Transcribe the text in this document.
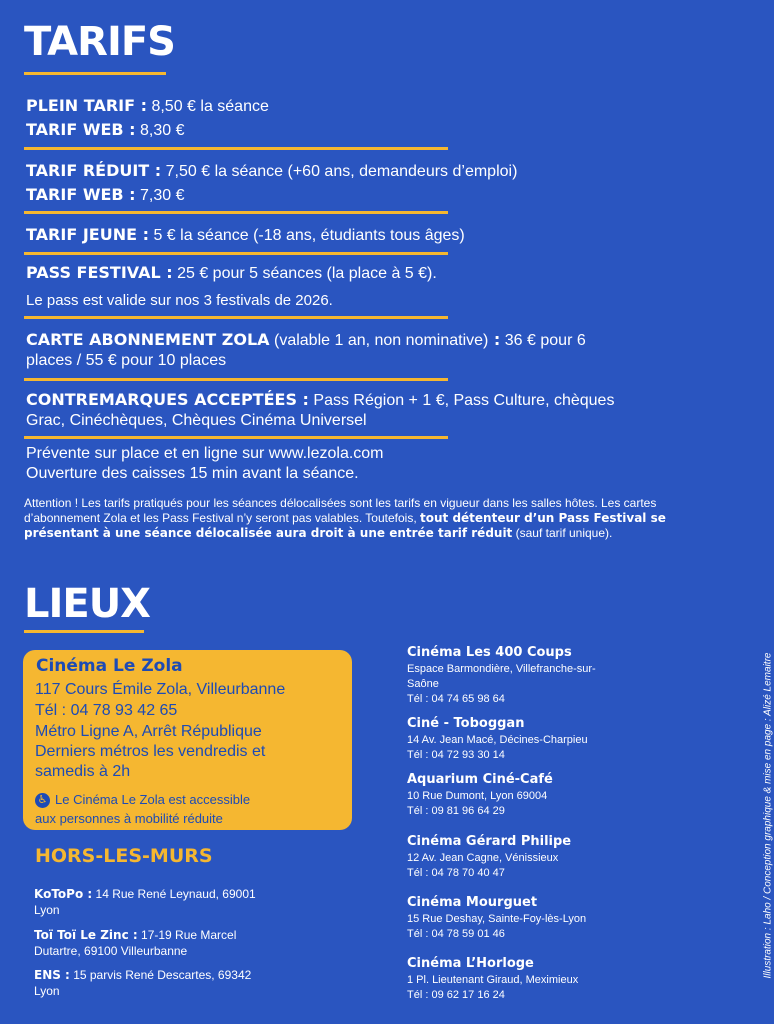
TARIFS
PLEIN TARIF : 8,50 € la séance
TARIF WEB : 8,30 €
TARIF RÉDUIT : 7,50 € la séance (+60 ans, demandeurs d’emploi)
TARIF WEB : 7,30 €
TARIF JEUNE : 5 € la séance (-18 ans, étudiants tous âges)
PASS FESTIVAL : 25 € pour 5 séances (la place à 5 €).
Le pass est valide sur nos 3 festivals de 2026.
CARTE ABONNEMENT ZOLA (valable 1 an, non nominative) : 36 € pour 6
places / 55 € pour 10 places
CONTREMARQUES ACCEPTÉES : Pass Région + 1 €, Pass Culture, chèques
Grac, Cinéchèques, Chèques Cinéma Universel
Prévente sur place et en ligne sur www.lezola.com
Ouverture des caisses 15 min avant la séance.
Attention ! Les tarifs pratiqués pour les séances délocalisées sont les tarifs en vigueur dans les salles hôtes. Les cartes d’abonnement Zola et les Pass Festival n’y seront pas valables. Toutefois, tout détenteur d’un Pass Festival se présentant à une séance délocalisée aura droit à une entrée tarif réduit (sauf tarif unique).
LIEUX
Cinéma Le Zola
117 Cours Émile Zola, Villeurbanne
Tél : 04 78 93 42 65
Métro Ligne A, Arrêt République
Derniers métros les vendredis et
samedis à 2h
♿ Le Cinéma Le Zola est accessible
aux personnes à mobilité réduite
HORS-LES-MURS
KoToPo : 14 Rue René Leynaud, 69001 Lyon
Toï Toï Le Zinc : 17-19 Rue Marcel Dutartre, 69100 Villeurbanne
ENS : 15 parvis René Descartes, 69342 Lyon
Cinéma Les 400 Coups
Espace Barmondière, Villefranche-sur-Saône
Tél : 04 74 65 98 64
Ciné - Toboggan
14 Av. Jean Macé, Décines-Charpieu
Tél : 04 72 93 30 14
Aquarium Ciné-Café
10 Rue Dumont, Lyon 69004
Tél : 09 81 96 64 29
Cinéma Gérard Philipe
12 Av. Jean Cagne, Vénissieux
Tél : 04 78 70 40 47
Cinéma Mourguet
15 Rue Deshay, Sainte-Foy-lès-Lyon
Tél : 04 78 59 01 46
Cinéma L’Horloge
1 Pl. Lieutenant Giraud, Meximieux
Tél : 09 62 17 16 24
Illustration : Laho / Conception graphique & mise en page : Alizé Lemaitre
